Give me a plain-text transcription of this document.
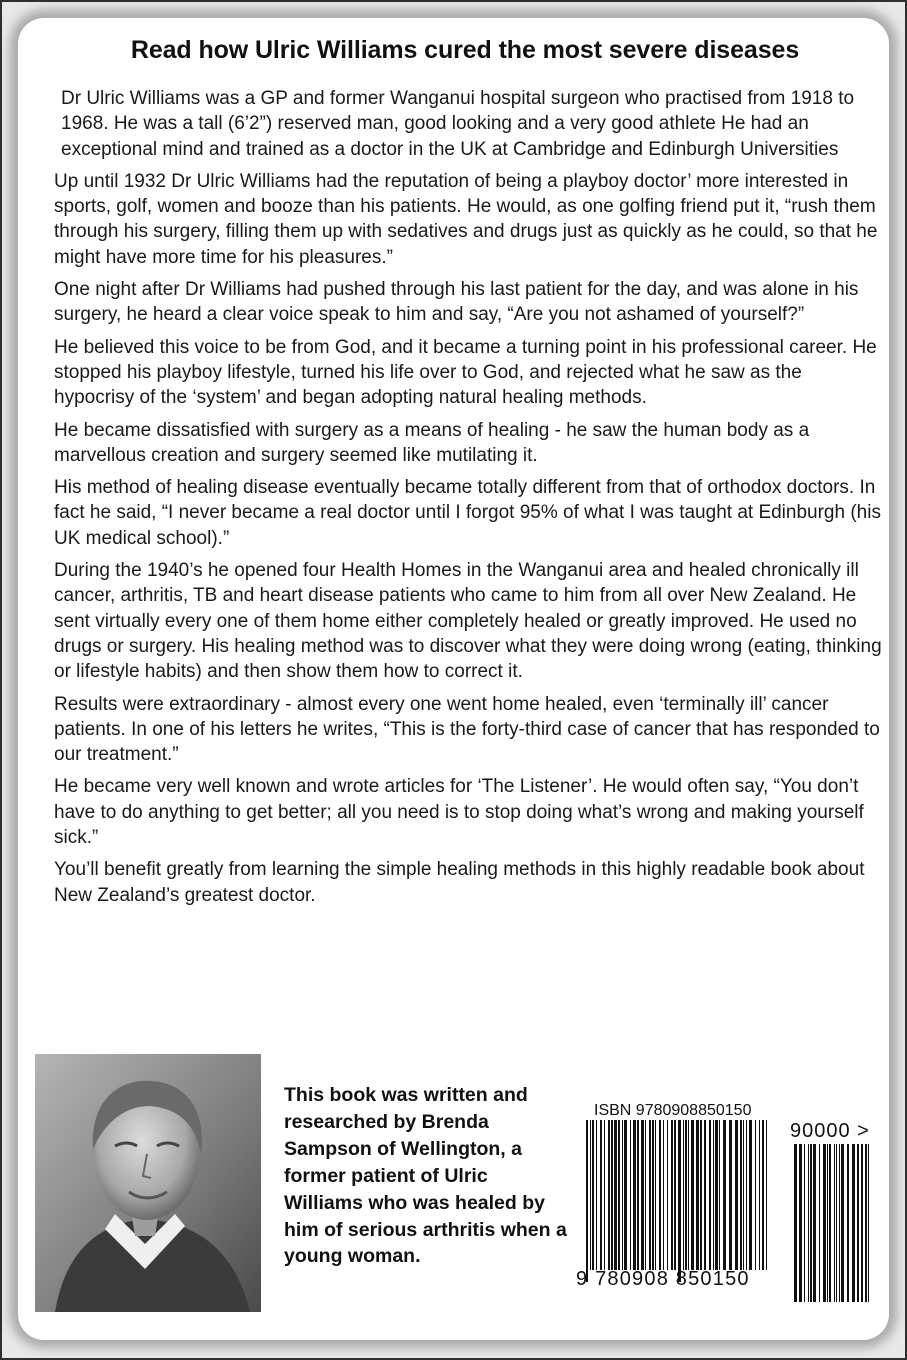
Read how Ulric Williams cured the most severe diseases

Dr Ulric Williams was a GP and former Wanganui hospital surgeon who practised from 1918 to 1968. He was a tall (6’2”) reserved man, good looking and a very good athlete He had an exceptional mind and trained as a doctor in the UK at Cambridge and Edinburgh Universities

Up until 1932 Dr Ulric Williams had the reputation of being a playboy doctor’ more interested in sports, golf, women and booze than his patients. He would, as one golfing friend put it, “rush them through his surgery, filling them up with sedatives and drugs just as quickly as he could, so that he might have more time for his pleasures.”

One night after Dr Williams had pushed through his last patient for the day, and was alone in his surgery, he heard a clear voice speak to him and say, “Are you not ashamed of yourself?”

He believed this voice to be from God, and it became a turning point in his professional career. He stopped his playboy lifestyle, turned his life over to God, and rejected what he saw as the hypocrisy of the ‘system’ and began adopting natural healing methods.

He became dissatisfied with surgery as a means of healing - he saw the human body as a marvellous creation and surgery seemed like mutilating it.

His method of healing disease eventually became totally different from that of orthodox doctors. In fact he said, “I never became a real doctor until I forgot 95% of what I was taught at Edinburgh (his UK medical school).”

During the 1940’s he opened four Health Homes in the Wanganui area and healed chronically ill cancer, arthritis, TB and heart disease patients who came to him from all over New Zealand. He sent virtually every one of them home either completely healed or greatly improved. He used no drugs or surgery. His healing method was to discover what they were doing wrong (eating, thinking or lifestyle habits) and then show them how to correct it.

Results were extraordinary - almost every one went home healed, even ‘terminally ill’ cancer patients. In one of his letters he writes, “This is the forty-third case of cancer that has responded to our treatment.”

He became very well known and wrote articles for ‘The Listener’. He would often say, “You don’t have to do anything to get better; all you need is to stop doing what’s wrong and making yourself sick.”

You’ll benefit greatly from learning the simple healing methods in this highly readable book about New Zealand’s greatest doctor.

This book was written and researched by Brenda Sampson of Wellington, a former patient of Ulric Williams who was healed by him of serious arthritis when a young woman.
ISBN 9780908850150
90000 >
9 780908 850150
